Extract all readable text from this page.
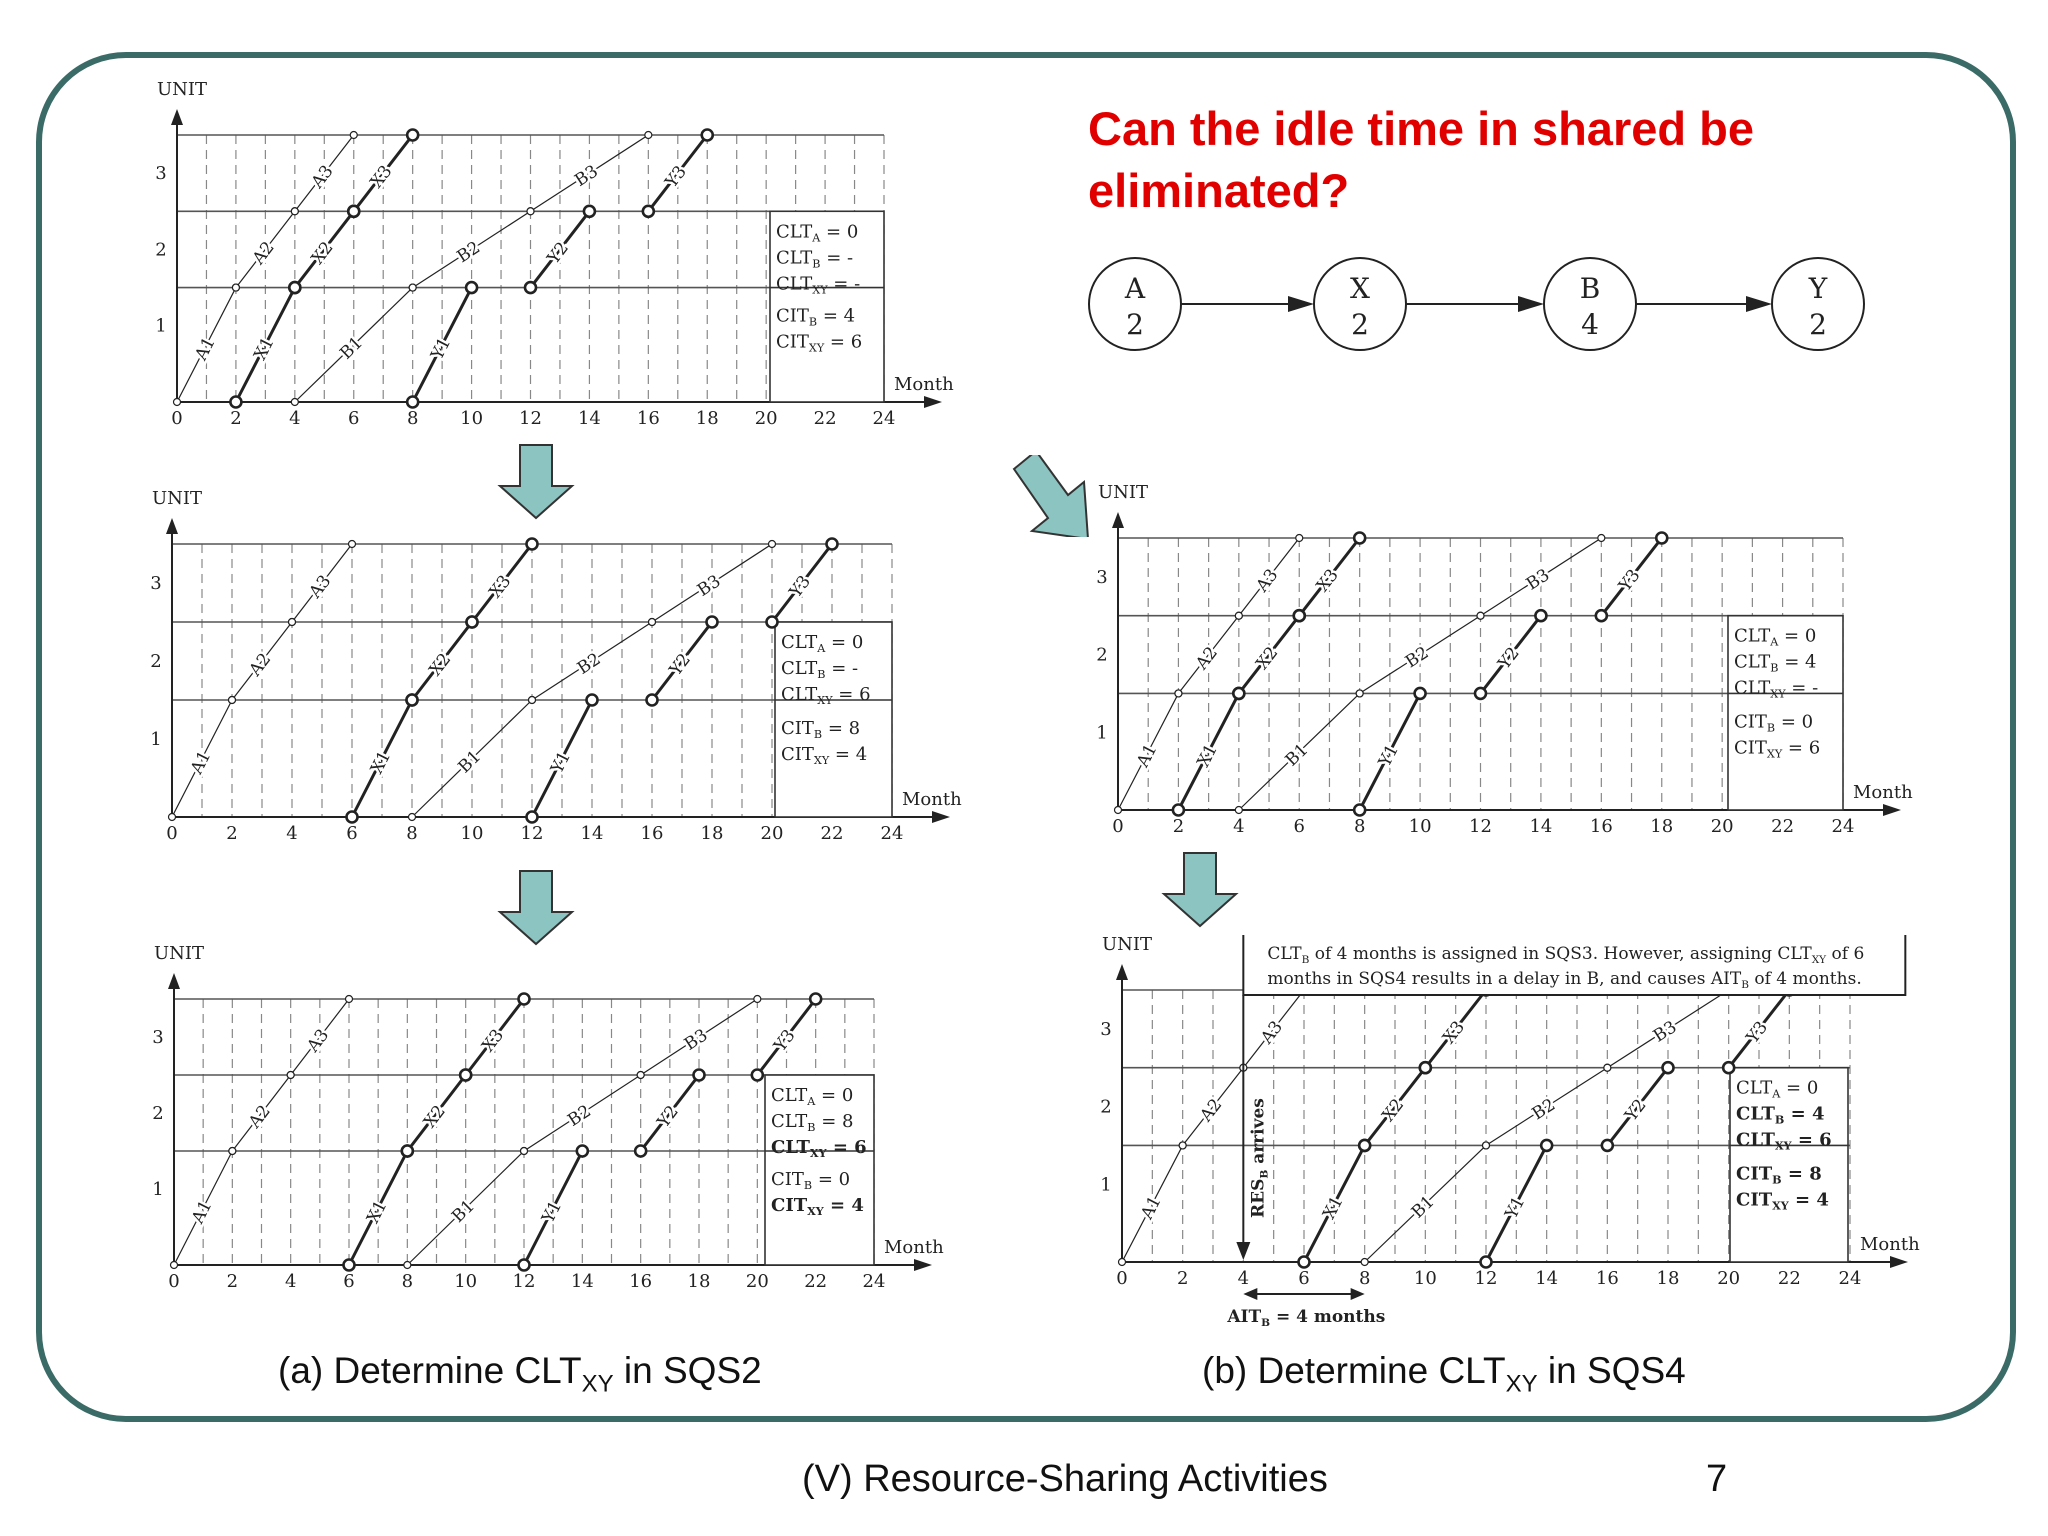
Can the idle time in shared be eliminated?
A
2
X
2
B
4
Y
2
UNIT
Month
0	2	4	6	8 10 12 14 16 18 20 22 24
1
2
3
$CLT_A = 0$
$CLT_B$ = -
$CLT_{XY}$ = -
$CIT_B = 4$
$CIT_{XY} = 6$
A1
A2
A3
X1
X2
X3
B1
B2
B3
Y1
Y2
Y3
UNIT
Month
0	2	4	6	8 10 12 14 16 18 20 22 24
1
2
3
$CLT_A = 0$
$CLT_B$ = -
$CLT_{XY} = 6$
$CIT_B = 8$
$CIT_{XY} = 4$
A1
A2
A3
X1
X2
X3
B1
B2
B3
Y1
Y2
Y3
UNIT
Month
0	2	4	6	8 10 12 14 16 18 20 22 24
1
2
3
$CLT_A = 0$
$CLT_B = 8$
$CLT_{XY} = 6$
$CIT_B = 0$
$CIT_{XY} = 4$
A1
A2
A3
X1
X2
X3
B1
B2
B3
Y1
Y2
Y3
UNIT
Month
0	2	4	6	8 10 12 14 16 18 20 22 24
1
2
3
$CLT_A = 0$
$CLT_B = 4$
$CLT_{XY}$ = -
$CIT_B = 0$
$CIT_{XY} = 6$
A1
A2
A3
X1
X2
X3
B1
B2
B3
Y1
Y2
Y3
UNIT
Month
0	2	4	6	8 10 12 14 16 18 20 22 24
1
2
3
$CLT_A = 0$
$CLT_B = 4$
$CLT_{XY} = 6$
$CIT_B = 8$
$CIT_{XY} = 4$
A1
A2
A3
X1
X2
X3
B1
B2
B3
Y1
Y2
Y3
$CLT_B$ of 4 months is assigned in SQS3. However, assigning $CLT_{XY}$ of 6
months in SQS4 results in a delay in B, and causes $AIT_B$ of 4 months.
$RES_B$ arrives
$AIT_B = 4$ months
(a) Determine $CLT_{XY}$ in SQS2	(b) Determine $CLT_{XY}$ in SQS4
(V) Resource-Sharing Activities	7
